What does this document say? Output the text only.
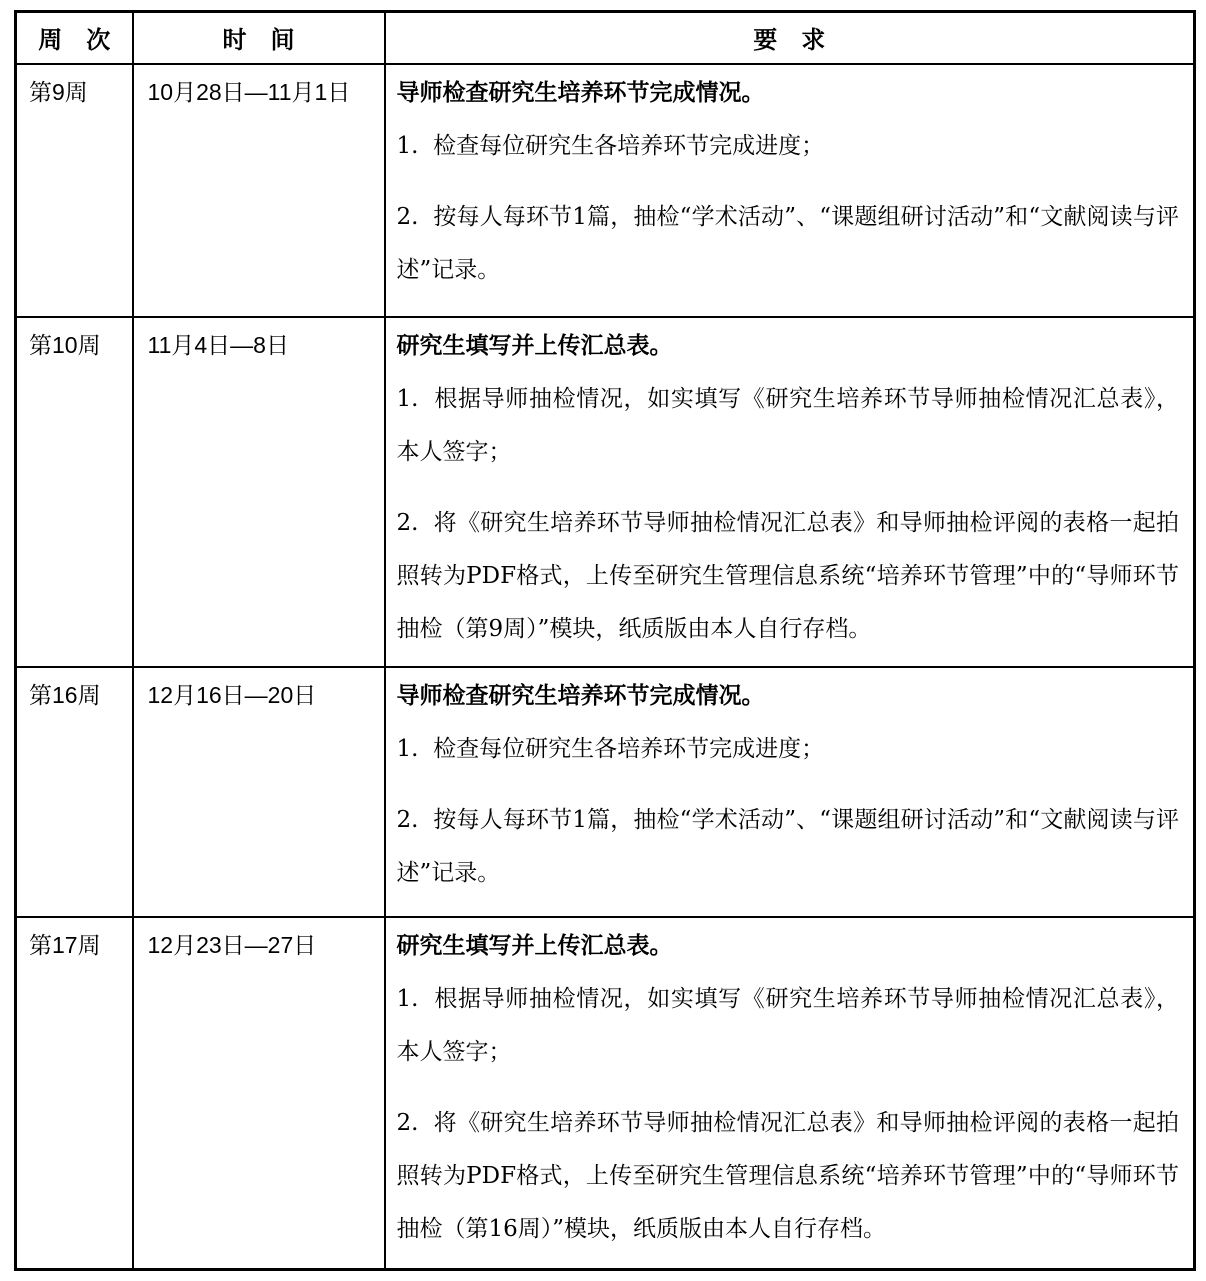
周　次	时　间	要　求
第9周	10月28日—11月1日	导师检查研究生培养环节完成情况。

1.  检查每位研究生各培养环节完成进度；

2.  按每人每环节1篇，抽检“学术活动”、“课题组研讨活动”和“文献阅读与评述”记录。

第10周	11月4日—8日	研究生填写并上传汇总表。

1.  根据导师抽检情况，如实填写《研究生培养环节导师抽检情况汇总表》，本人签字；

2.  将《研究生培养环节导师抽检情况汇总表》和导师抽检评阅的表格一起拍照转为PDF格式，上传至研究生管理信息系统“培养环节管理”中的“导师环节抽检（第9周）”模块，纸质版由本人自行存档。

第16周	12月16日—20日	导师检查研究生培养环节完成情况。

1.  检查每位研究生各培养环节完成进度；

2.  按每人每环节1篇，抽检“学术活动”、“课题组研讨活动”和“文献阅读与评述”记录。

第17周	12月23日—27日	研究生填写并上传汇总表。

1.  根据导师抽检情况，如实填写《研究生培养环节导师抽检情况汇总表》，本人签字；

2.  将《研究生培养环节导师抽检情况汇总表》和导师抽检评阅的表格一起拍照转为PDF格式，上传至研究生管理信息系统“培养环节管理”中的“导师环节抽检（第16周）”模块，纸质版由本人自行存档。
